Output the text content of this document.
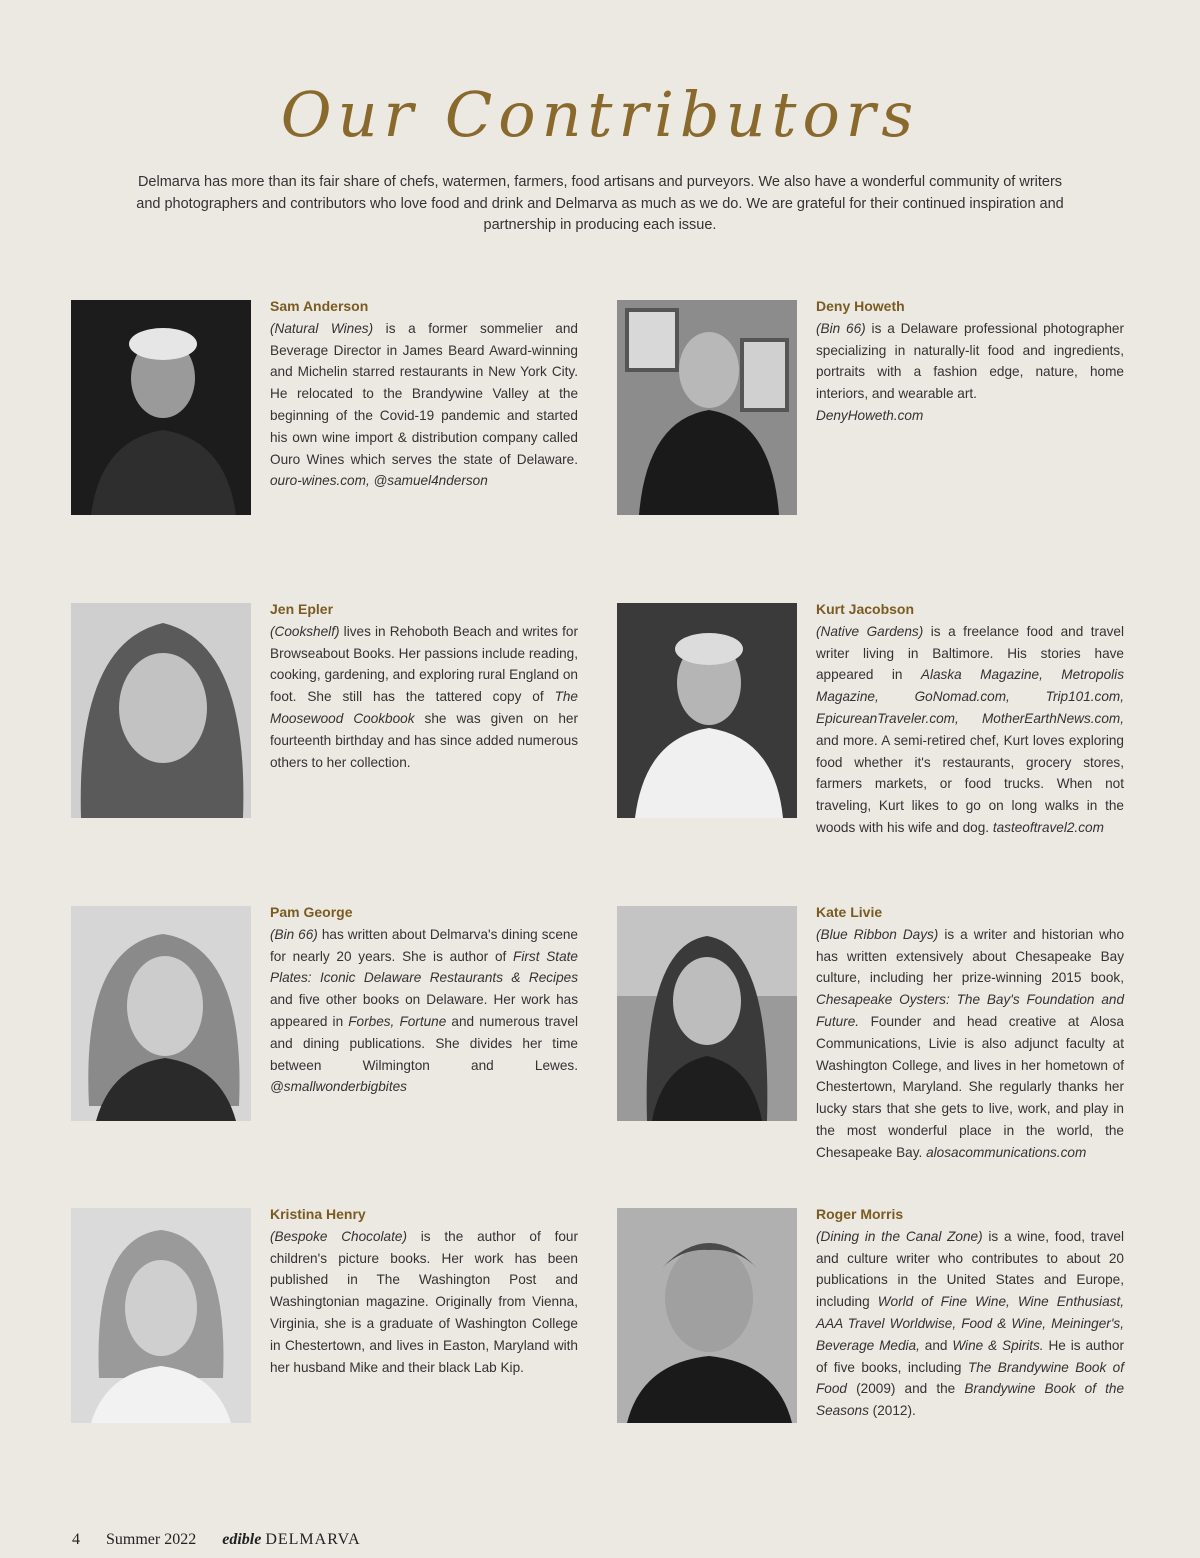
Our Contributors
Delmarva has more than its fair share of chefs, watermen, farmers, food artisans and purveyors. We also have a wonderful community of writers and photographers and contributors who love food and drink and Delmarva as much as we do. We are grateful for their continued inspiration and partnership in producing each issue.
Sam Anderson
(Natural Wines) is a former sommelier and Beverage Director in James Beard Award-winning and Michelin starred restaurants in New York City. He relocated to the Brandywine Valley at the beginning of the Covid-19 pandemic and started his own wine import & distribution company called Ouro Wines which serves the state of Delaware. ouro-wines.com, @samuel4nderson
Deny Howeth
(Bin 66) is a Delaware professional photographer specializing in naturally-lit food and ingredients, portraits with a fashion edge, nature, home interiors, and wearable art.
DenyHoweth.com
Jen Epler
(Cookshelf) lives in Rehoboth Beach and writes for Browseabout Books. Her passions include reading, cooking, gardening, and exploring rural England on foot. She still has the tattered copy of The Moosewood Cookbook she was given on her fourteenth birthday and has since added numerous others to her collection.
Kurt Jacobson
(Native Gardens) is a freelance food and travel writer living in Baltimore. His stories have appeared in Alaska Magazine, Metropolis Magazine, GoNomad.com, Trip101.com, EpicureanTraveler.com, MotherEarthNews.com, and more. A semi-retired chef, Kurt loves exploring food whether it's restaurants, grocery stores, farmers markets, or food trucks. When not traveling, Kurt likes to go on long walks in the woods with his wife and dog. tasteoftravel2.com
Pam George
(Bin 66) has written about Delmarva's dining scene for nearly 20 years. She is author of First State Plates: Iconic Delaware Restaurants & Recipes and five other books on Delaware. Her work has appeared in Forbes, Fortune and numerous travel and dining publications. She divides her time between Wilmington and Lewes. @smallwonderbigbites
Kate Livie
(Blue Ribbon Days) is a writer and historian who has written extensively about Chesapeake Bay culture, including her prize-winning 2015 book, Chesapeake Oysters: The Bay's Foundation and Future. Founder and head creative at Alosa Communications, Livie is also adjunct faculty at Washington College, and lives in her hometown of Chestertown, Maryland. She regularly thanks her lucky stars that she gets to live, work, and play in the most wonderful place in the world, the Chesapeake Bay. alosacommunications.com
Kristina Henry
(Bespoke Chocolate) is the author of four children's picture books. Her work has been published in The Washington Post and Washingtonian magazine. Originally from Vienna, Virginia, she is a graduate of Washington College in Chestertown, and lives in Easton, Maryland with her husband Mike and their black Lab Kip.
Roger Morris
(Dining in the Canal Zone) is a wine, food, travel and culture writer who contributes to about 20 publications in the United States and Europe, including World of Fine Wine, Wine Enthusiast, AAA Travel Worldwise, Food & Wine, Meininger's, Beverage Media, and Wine & Spirits. He is author of five books, including The Brandywine Book of Food (2009) and the Brandywine Book of the Seasons (2012).
4 Summer 2022 edible DELMARVA
